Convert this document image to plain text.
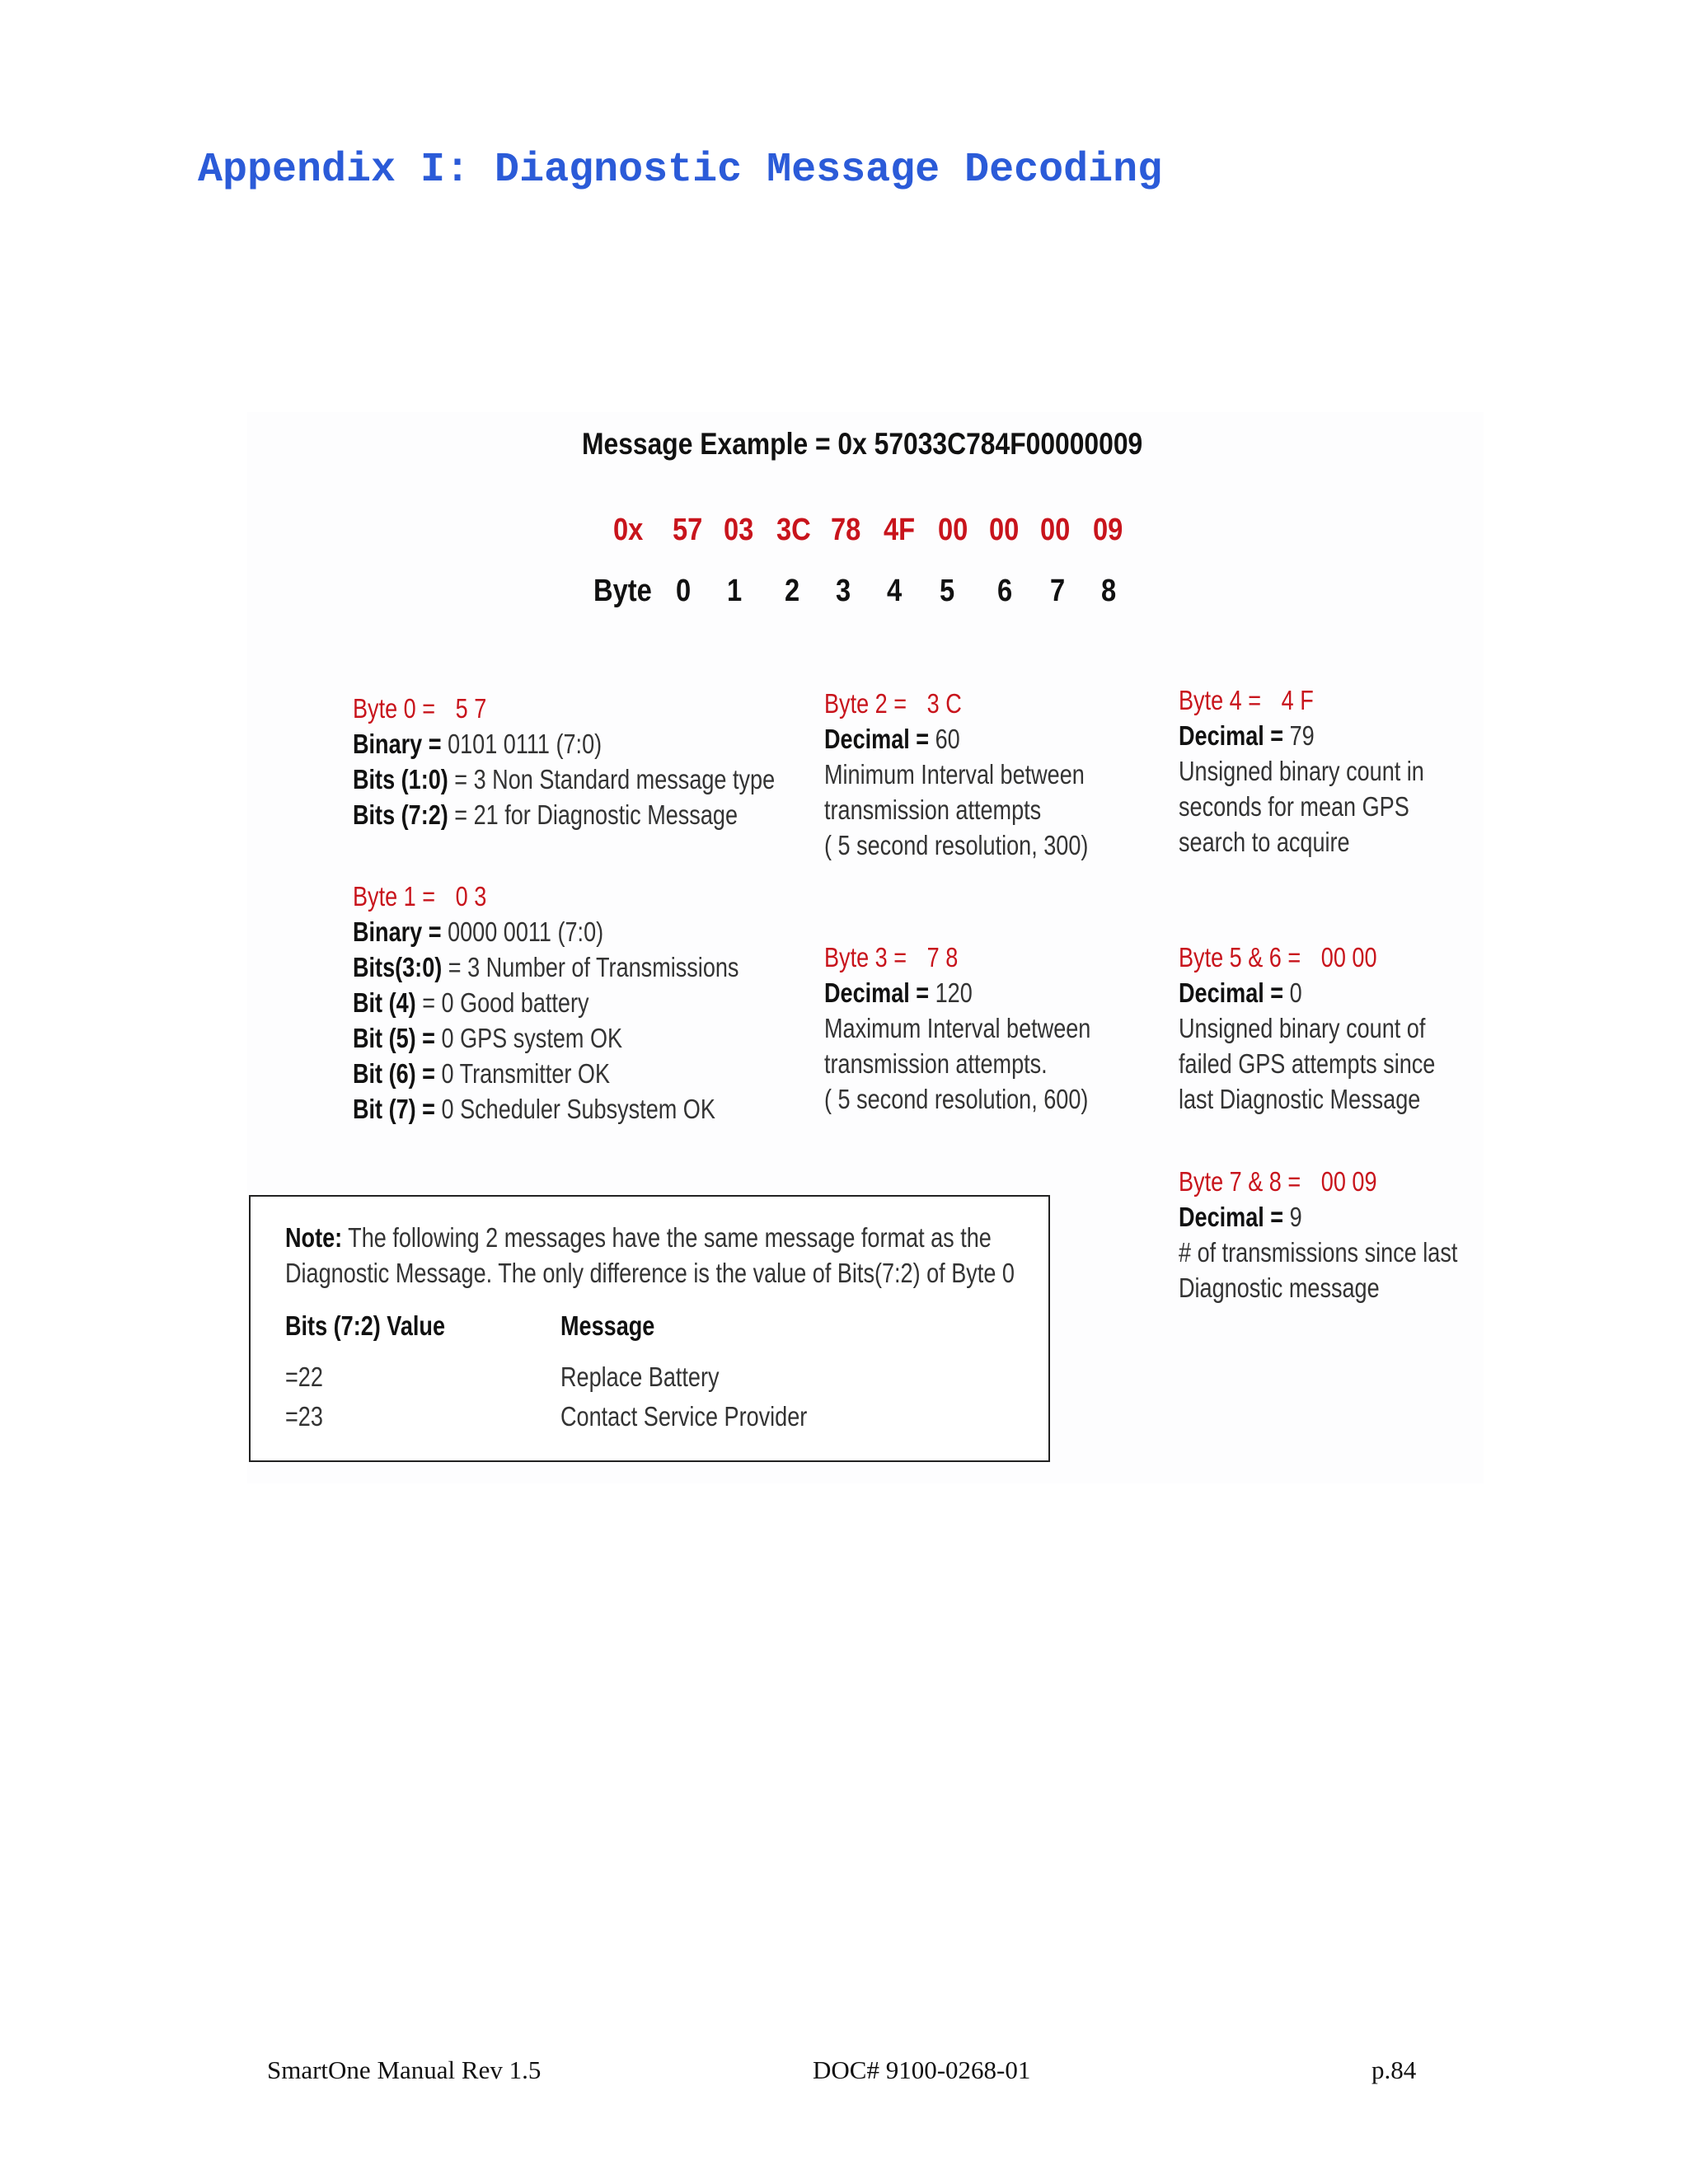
Appendix I: Diagnostic Message Decoding
Message Example = 0x 57033C784F00000009
0x 57 03 3C 78 4F 00 00 00 09
Byte 0 1 2 3 4 5 6 7 8
Byte 0 = 5 7
Binary = 0101 0111 (7:0)
Bits (1:0) = 3 Non Standard message type
Bits (7:2) = 21 for Diagnostic Message
Byte 1 = 0 3
Binary = 0000 0011 (7:0)
Bits(3:0) = 3 Number of Transmissions
Bit (4) = 0 Good battery
Bit (5) = 0 GPS system OK
Bit (6) = 0 Transmitter OK
Bit (7) = 0 Scheduler Subsystem OK
Byte 2 = 3 C
Decimal = 60
Minimum Interval between
transmission attempts
( 5 second resolution, 300)
Byte 3 = 7 8
Decimal = 120
Maximum Interval between
transmission attempts.
( 5 second resolution, 600)
Byte 4 = 4 F
Decimal = 79
Unsigned binary count in
seconds for mean GPS
search to acquire
Byte 5 & 6 = 00 00
Decimal = 0
Unsigned binary count of
failed GPS attempts since
last Diagnostic Message
Byte 7 & 8 = 00 09
Decimal = 9
# of transmissions since last
Diagnostic message
Note: The following 2 messages have the same message format as the
Diagnostic Message. The only difference is the value of Bits(7:2) of Byte 0
Bits (7:2) Value	Message
=22	Replace Battery
=23	Contact Service Provider
SmartOne Manual Rev 1.5	DOC# 9100-0268-01	p.84
